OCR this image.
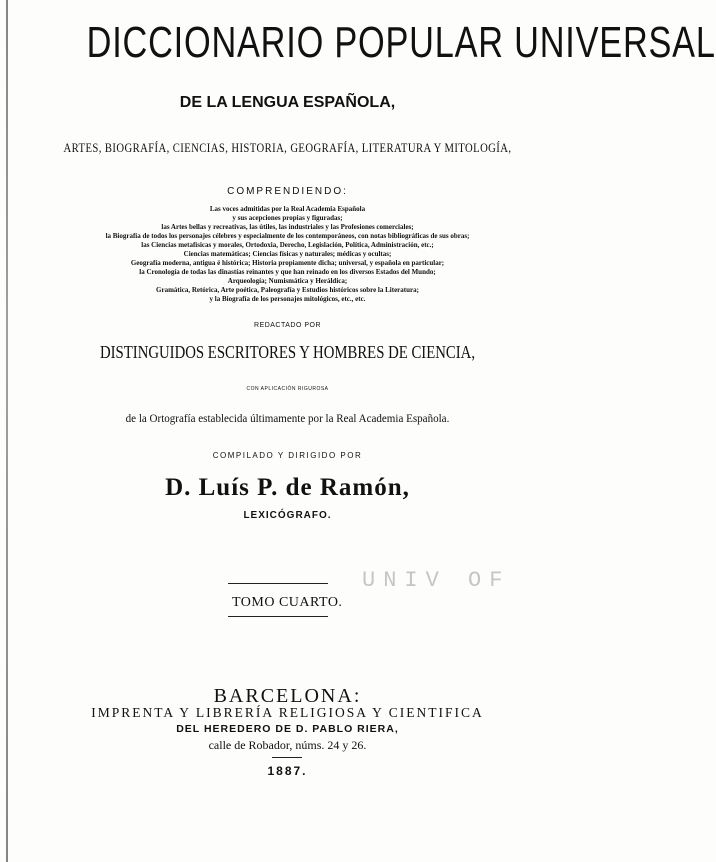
DICCIONARIO POPULAR UNIVERSAL

DE LA LENGUA ESPAÑOLA,

ARTES, BIOGRAFÍA, CIENCIAS, HISTORIA, GEOGRAFÍA, LITERATURA Y MITOLOGÍA,

COMPRENDIENDO:

Las voces admitidas por la Real Academia Española
y sus acepciones propias y figuradas;
las Artes bellas y recreativas, las útiles, las industriales y las Profesiones comerciales;
la Biografía de todos los personajes célebres y especialmente de los contemporáneos, con notas bibliográficas de sus obras;
las Ciencias metafísicas y morales, Ortodoxia, Derecho, Legislación, Política, Administración, etc.;
Ciencias matemáticas; Ciencias físicas y naturales; médicas y ocultas;
Geografía moderna, antigua é histórica; Historia propiamente dicha; universal, y española en particular;
la Cronología de todas las dinastías reinantes y que han reinado en los diversos Estados del Mundo;
Arqueología; Numismática y Heráldica;
Gramática, Retórica, Arte poética, Paleografía y Estudios históricos sobre la Literatura;
y la Biografía de los personajes mitológicos, etc., etc.

REDACTADO POR

DISTINGUIDOS ESCRITORES Y HOMBRES DE CIENCIA,

CON APLICACIÓN RIGUROSA

de la Ortografía establecida últimamente por la Real Academia Española.

COMPILADO Y DIRIGIDO POR

D. Luís P. de Ramón,

LEXICÓGRAFO.

TOMO CUARTO.
UNIV OF

BARCELONA:

IMPRENTA Y LIBRERÍA RELIGIOSA Y CIENTIFICA

DEL HEREDERO DE D. PABLO RIERA,

calle de Robador, núms. 24 y 26.

1887.
